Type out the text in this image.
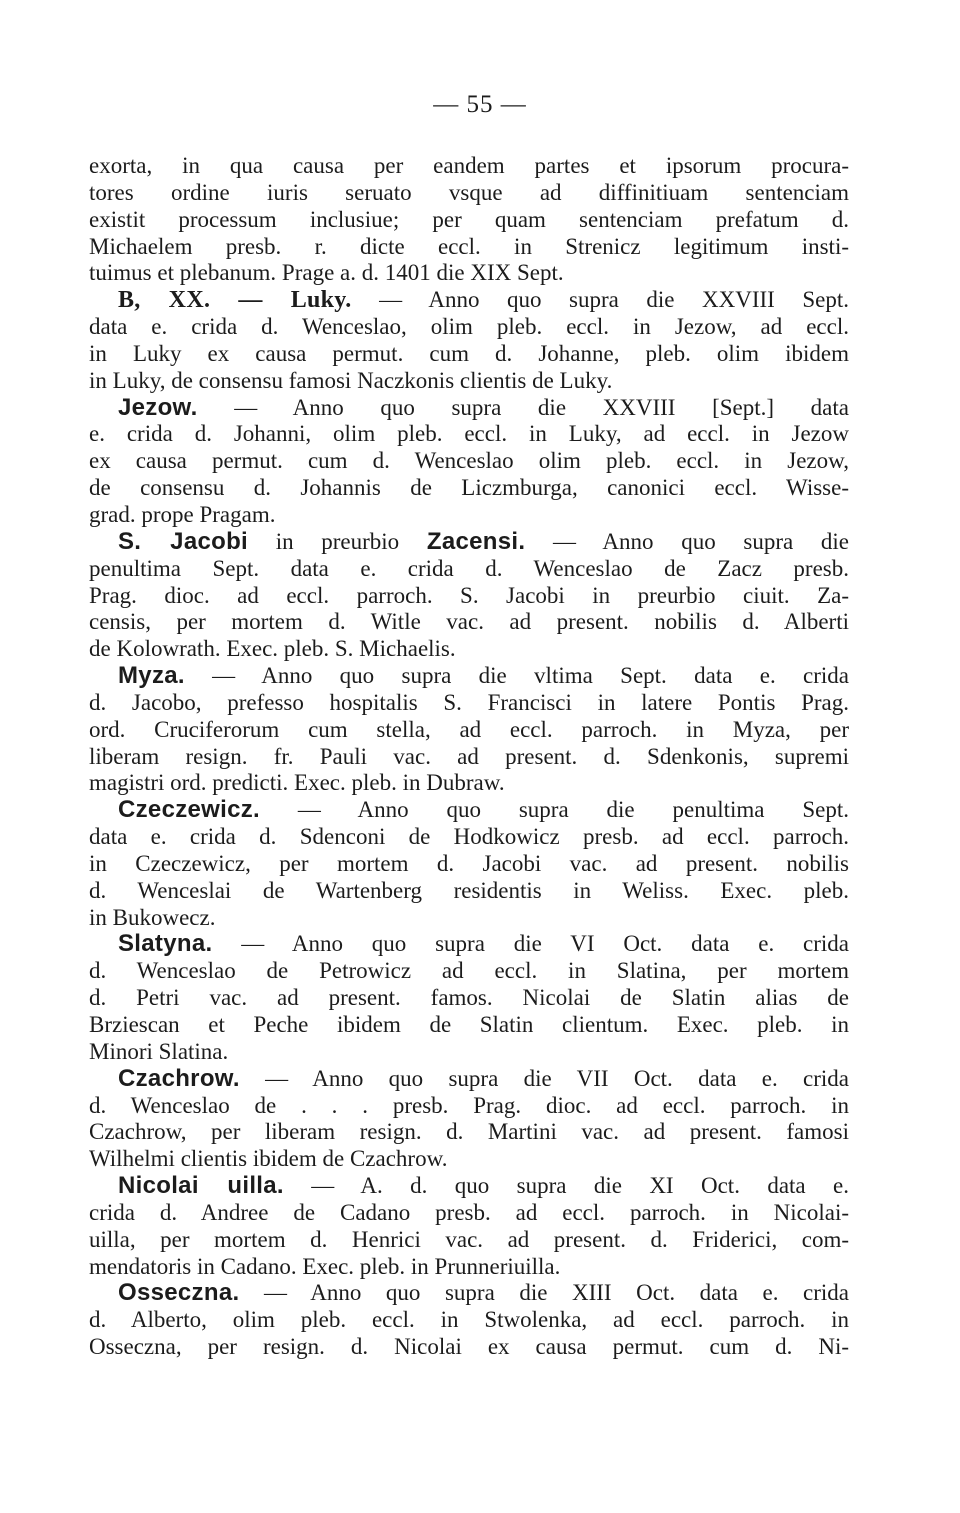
— 55 —
exorta, in qua causa per eandem partes et ipsorum procura-
tores ordine iuris seruato vsque ad diffinitiuam sentenciam
existit processum inclusiue; per quam sentenciam prefatum d.
Michaelem presb. r. dicte eccl. in Strenicz legitimum insti-
tuimus et plebanum. Prage a. d. 1401 die XIX Sept.
B, XX. — Luky. — Anno quo supra die XXVIII Sept.
data e. crida d. Wenceslao, olim pleb. eccl. in Jezow, ad eccl.
in Luky ex causa permut. cum d. Johanne, pleb. olim ibidem
in Luky, de consensu famosi Naczkonis clientis de Luky.
Jezow. — Anno quo supra die XXVIII [Sept.] data
e. crida d. Johanni, olim pleb. eccl. in Luky, ad eccl. in Jezow
ex causa permut. cum d. Wenceslao olim pleb. eccl. in Jezow,
de consensu d. Johannis de Liczmburga, canonici eccl. Wisse-
grad. prope Pragam.
S. Jacobi in preurbio Zacensi. — Anno quo supra die
penultima Sept. data e. crida d. Wenceslao de Zacz presb.
Prag. dioc. ad eccl. parroch. S. Jacobi in preurbio ciuit. Za-
censis, per mortem d. Witle vac. ad present. nobilis d. Alberti
de Kolowrath. Exec. pleb. S. Michaelis.
Myza. — Anno quo supra die vltima Sept. data e. crida
d. Jacobo, prefesso hospitalis S. Francisci in latere Pontis Prag.
ord. Cruciferorum cum stella, ad eccl. parroch. in Myza, per
liberam resign. fr. Pauli vac. ad present. d. Sdenkonis, supremi
magistri ord. predicti. Exec. pleb. in Dubraw.
Czeczewicz. — Anno quo supra die penultima Sept.
data e. crida d. Sdenconi de Hodkowicz presb. ad eccl. parroch.
in Czeczewicz, per mortem d. Jacobi vac. ad present. nobilis
d. Wenceslai de Wartenberg residentis in Weliss. Exec. pleb.
in Bukowecz.
Slatyna. — Anno quo supra die VI Oct. data e. crida
d. Wenceslao de Petrowicz ad eccl. in Slatina, per mortem
d. Petri vac. ad present. famos. Nicolai de Slatin alias de
Brziescan et Peche ibidem de Slatin clientum. Exec. pleb. in
Minori Slatina.
Czachrow. — Anno quo supra die VII Oct. data e. crida
d. Wenceslao de . . . presb. Prag. dioc. ad eccl. parroch. in
Czachrow, per liberam resign. d. Martini vac. ad present. famosi
Wilhelmi clientis ibidem de Czachrow.
Nicolai uilla. — A. d. quo supra die XI Oct. data e.
crida d. Andree de Cadano presb. ad eccl. parroch. in Nicolai-
uilla, per mortem d. Henrici vac. ad present. d. Friderici, com-
mendatoris in Cadano. Exec. pleb. in Prunneriuilla.
Osseczna. — Anno quo supra die XIII Oct. data e. crida
d. Alberto, olim pleb. eccl. in Stwolenka, ad eccl. parroch. in
Osseczna, per resign. d. Nicolai ex causa permut. cum d. Ni-
